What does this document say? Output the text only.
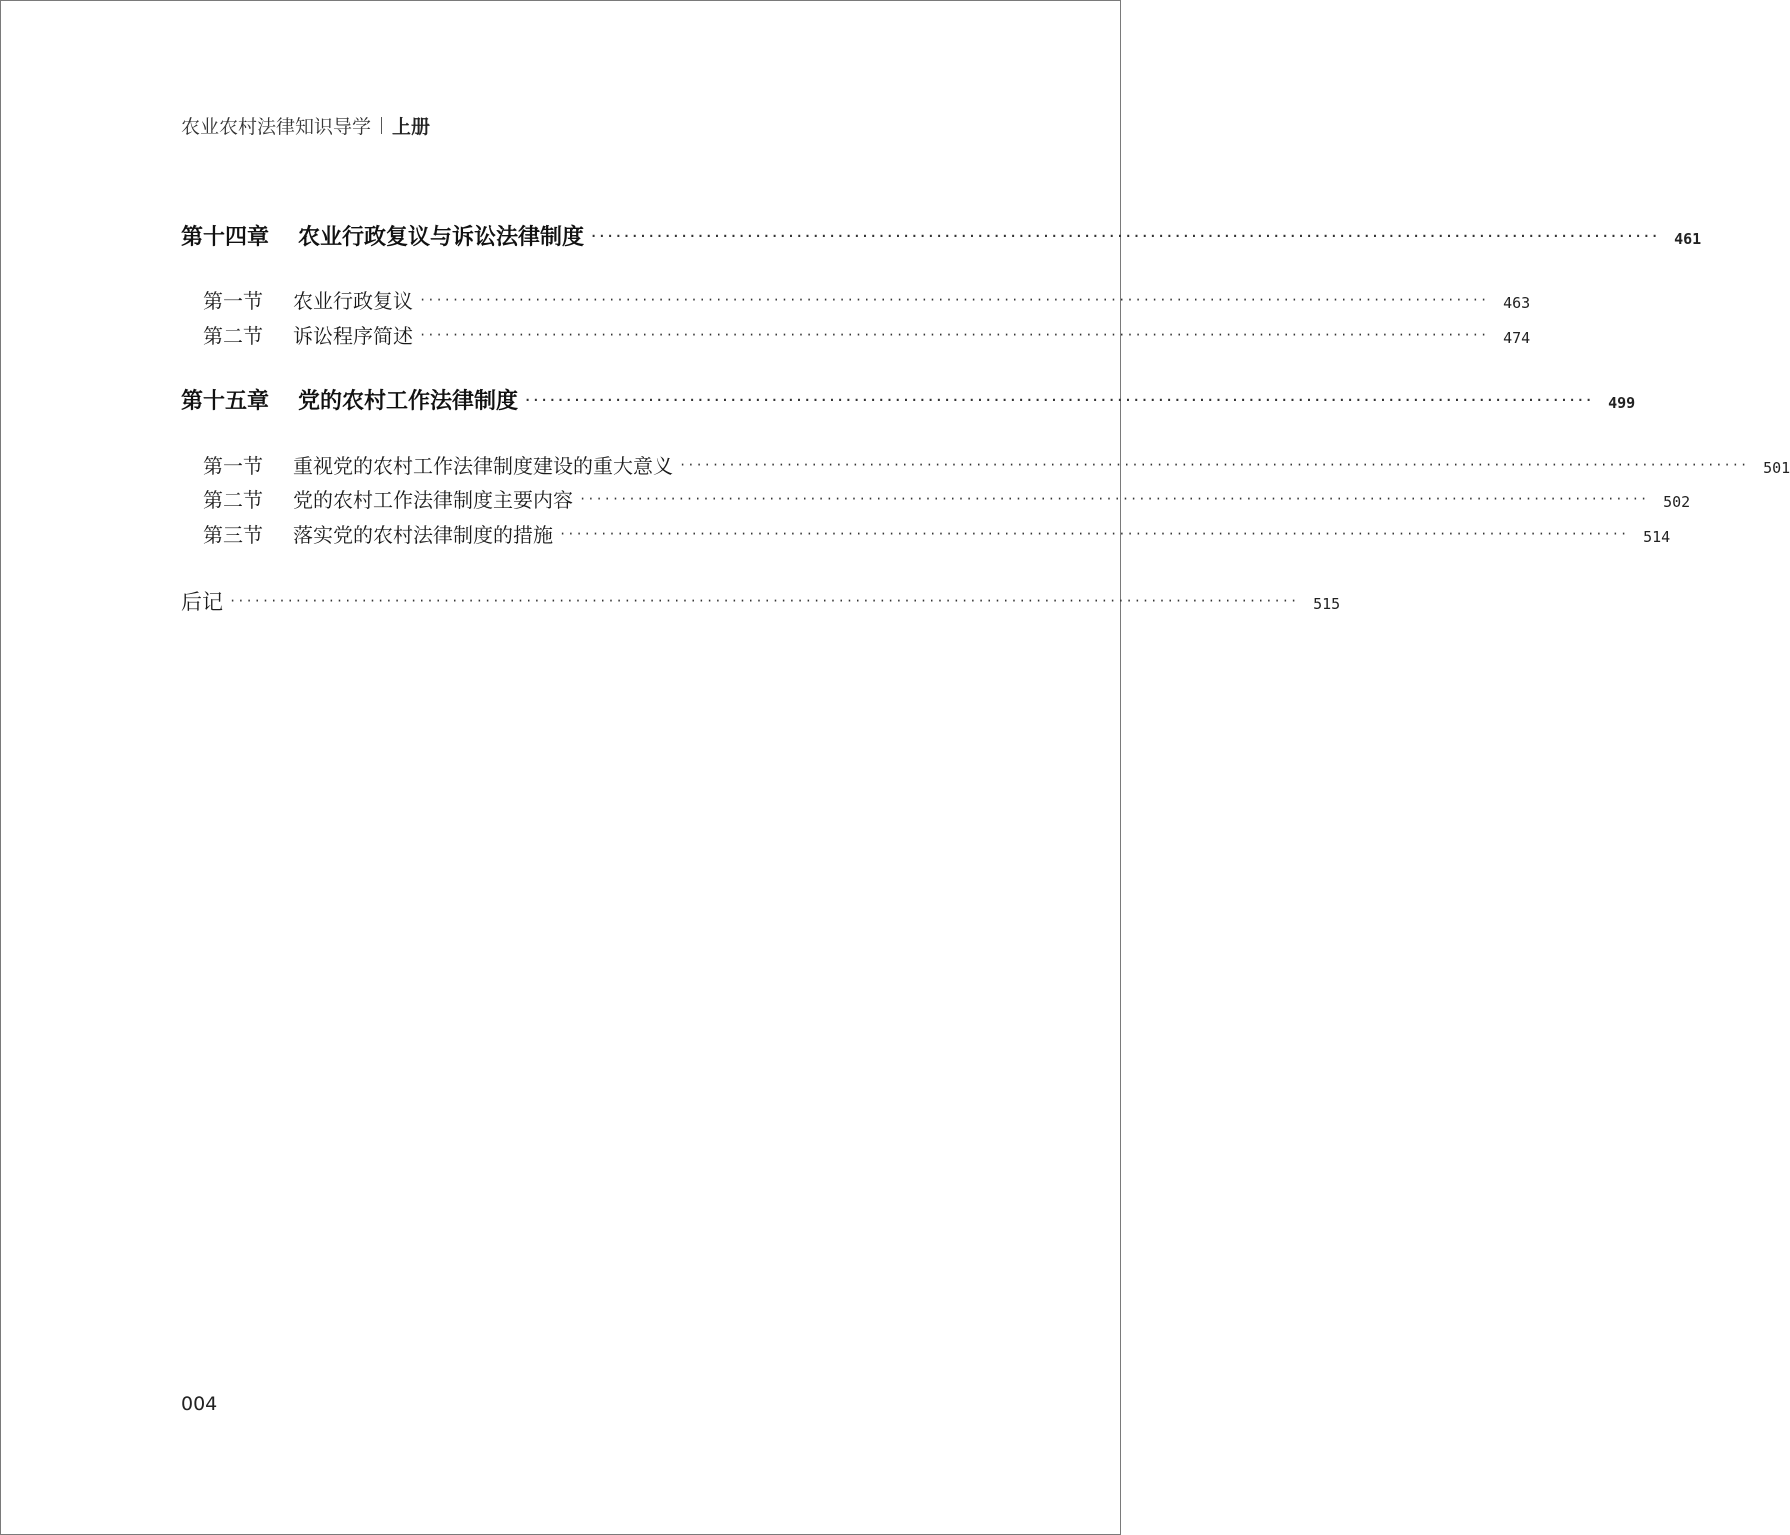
农业农村法律知识导学 上册
第十四章	农业行政复议与诉讼法律制度 ·································································································································· 461
第一节	农业行政复议 ·································································································································· 463
第二节	诉讼程序简述 ·································································································································· 474
第十五章	党的农村工作法律制度 ·································································································································· 499
第一节	重视党的农村工作法律制度建设的重大意义 ·································································································································· 501
第二节	党的农村工作法律制度主要内容 ·································································································································· 502
第三节	落实党的农村法律制度的措施 ·································································································································· 514
后记 ·································································································································· 515
004
